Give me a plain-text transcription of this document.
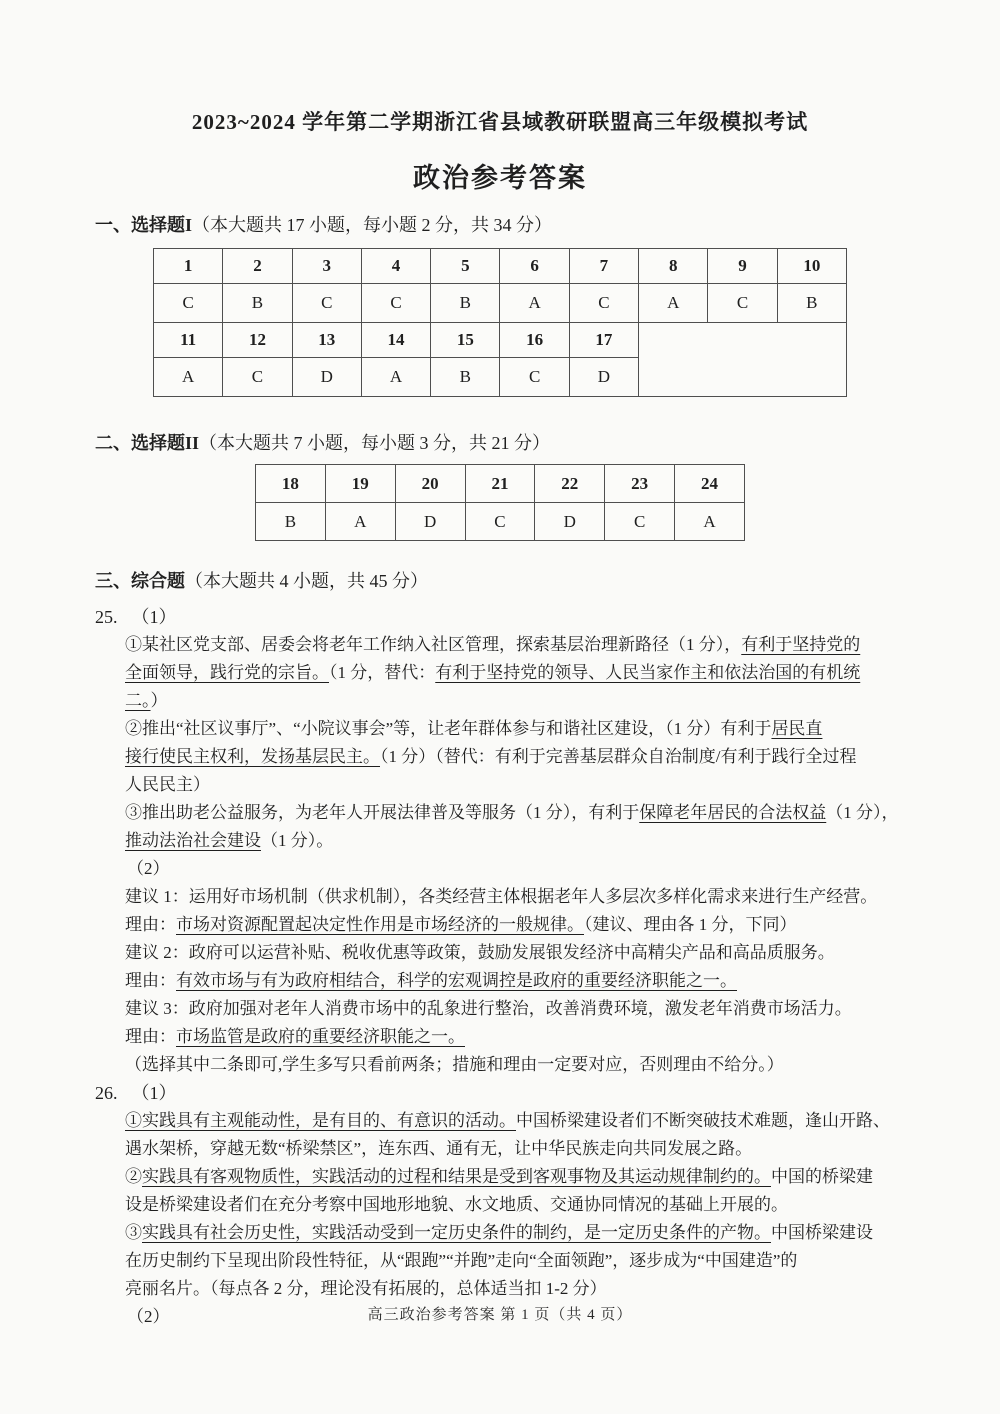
2023~2024 学年第二学期浙江省县域教研联盟高三年级模拟考试
政治参考答案
一、选择题I（本大题共 17 小题，每小题 2 分，共 34 分）
1	2	3	4	5	6	7	8	9	10
C	B	C	C	B	A	C	A	C	B
11	12	13	14	15	16	17			
A	C	D	A	B	C	D			
二、选择题II（本大题共 7 小题，每小题 3 分，共 21 分）
18	19	20	21	22	23	24
B	A	D	C	D	C	A
三、综合题（本大题共 4 小题，共 45 分）
25. （1）
①某社区党支部、居委会将老年工作纳入社区管理，探索基层治理新路径（1 分），有利于坚持党的
全面领导，践行党的宗旨。（1 分，替代：有利于坚持党的领导、人民当家作主和依法治国的有机统
二。）
②推出“社区议事厅”、“小院议事会”等，让老年群体参与和谐社区建设，（1 分）有利于居民直
接行使民主权利，发扬基层民主。（1 分）（替代：有利于完善基层群众自治制度/有利于践行全过程
人民民主）
③推出助老公益服务，为老年人开展法律普及等服务（1 分），有利于保障老年居民的合法权益（1 分），
推动法治社会建设（1 分）。
（2）
建议 1：运用好市场机制（供求机制），各类经营主体根据老年人多层次多样化需求来进行生产经营。
理由：市场对资源配置起决定性作用是市场经济的一般规律。（建议、理由各 1 分，下同）
建议 2：政府可以运营补贴、税收优惠等政策，鼓励发展银发经济中高精尖产品和高品质服务。
理由：有效市场与有为政府相结合，科学的宏观调控是政府的重要经济职能之一。
建议 3：政府加强对老年人消费市场中的乱象进行整治，改善消费环境，激发老年消费市场活力。
理由：市场监管是政府的重要经济职能之一。
（选择其中二条即可,学生多写只看前两条；措施和理由一定要对应，否则理由不给分。）
26. （1）
①实践具有主观能动性，是有目的、有意识的活动。中国桥梁建设者们不断突破技术难题，逢山开路、
遇水架桥，穿越无数“桥梁禁区”，连东西、通有无，让中华民族走向共同发展之路。
②实践具有客观物质性，实践活动的过程和结果是受到客观事物及其运动规律制约的。中国的桥梁建
设是桥梁建设者们在充分考察中国地形地貌、水文地质、交通协同情况的基础上开展的。
③实践具有社会历史性，实践活动受到一定历史条件的制约，是一定历史条件的产物。中国桥梁建设
在历史制约下呈现出阶段性特征，从“跟跑”“并跑”走向“全面领跑”，逐步成为“中国建造”的
亮丽名片。（每点各 2 分，理论没有拓展的，总体适当扣 1-2 分）
（2）	高三政治参考答案 第 1 页（共 4 页）
